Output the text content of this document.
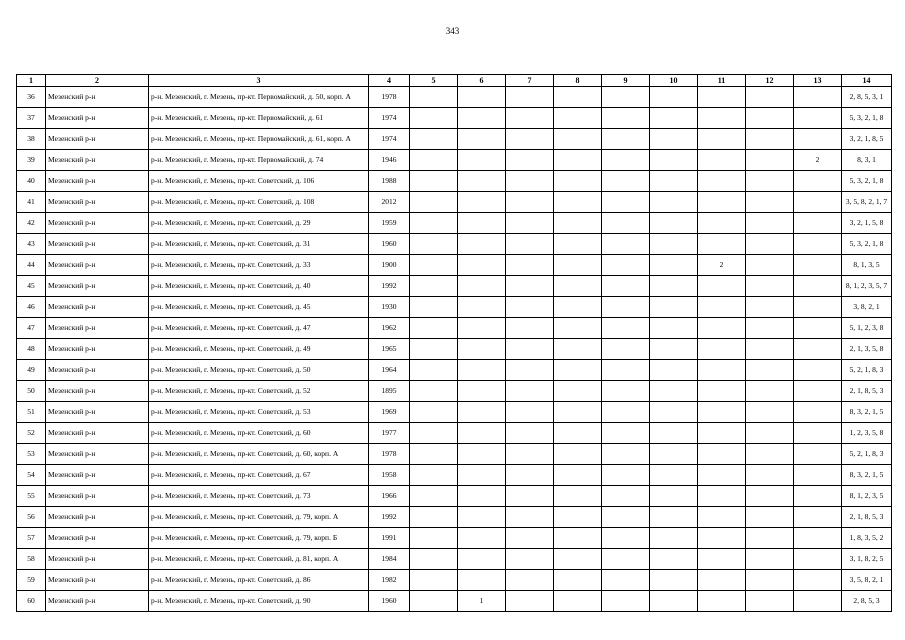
343
1	2	3	4	5	6	7	8	9	10	11	12	13	14
36	Мезенский р-н	р-н. Мезенский, г. Мезень, пр-кт. Первомайский, д. 50, корп. А	1978										2, 8, 5, 3, 1
37	Мезенский р-н	р-н. Мезенский, г. Мезень, пр-кт. Первомайский, д. 61	1974										5, 3, 2, 1, 8
38	Мезенский р-н	р-н. Мезенский, г. Мезень, пр-кт. Первомайский, д. 61, корп. А	1974										3, 2, 1, 8, 5
39	Мезенский р-н	р-н. Мезенский, г. Мезень, пр-кт. Первомайский, д. 74	1946									2	8, 3, 1
40	Мезенский р-н	р-н. Мезенский, г. Мезень, пр-кт. Советский, д. 106	1988										5, 3, 2, 1, 8
41	Мезенский р-н	р-н. Мезенский, г. Мезень, пр-кт. Советский, д. 108	2012										3, 5, 8, 2, 1, 7
42	Мезенский р-н	р-н. Мезенский, г. Мезень, пр-кт. Советский, д. 29	1959										3, 2, 1, 5, 8
43	Мезенский р-н	р-н. Мезенский, г. Мезень, пр-кт. Советский, д. 31	1960										5, 3, 2, 1, 8
44	Мезенский р-н	р-н. Мезенский, г. Мезень, пр-кт. Советский, д. 33	1900							2			8, 1, 3, 5
45	Мезенский р-н	р-н. Мезенский, г. Мезень, пр-кт. Советский, д. 40	1992										8, 1, 2, 3, 5, 7
46	Мезенский р-н	р-н. Мезенский, г. Мезень, пр-кт. Советский, д. 45	1930										3, 8, 2, 1
47	Мезенский р-н	р-н. Мезенский, г. Мезень, пр-кт. Советский, д. 47	1962										5, 1, 2, 3, 8
48	Мезенский р-н	р-н. Мезенский, г. Мезень, пр-кт. Советский, д. 49	1965										2, 1, 3, 5, 8
49	Мезенский р-н	р-н. Мезенский, г. Мезень, пр-кт. Советский, д. 50	1964										5, 2, 1, 8, 3
50	Мезенский р-н	р-н. Мезенский, г. Мезень, пр-кт. Советский, д. 52	1895										2, 1, 8, 5, 3
51	Мезенский р-н	р-н. Мезенский, г. Мезень, пр-кт. Советский, д. 53	1969										8, 3, 2, 1, 5
52	Мезенский р-н	р-н. Мезенский, г. Мезень, пр-кт. Советский, д. 60	1977										1, 2, 3, 5, 8
53	Мезенский р-н	р-н. Мезенский, г. Мезень, пр-кт. Советский, д. 60, корп. А	1978										5, 2, 1, 8, 3
54	Мезенский р-н	р-н. Мезенский, г. Мезень, пр-кт. Советский, д. 67	1958										8, 3, 2, 1, 5
55	Мезенский р-н	р-н. Мезенский, г. Мезень, пр-кт. Советский, д. 73	1966										8, 1, 2, 3, 5
56	Мезенский р-н	р-н. Мезенский, г. Мезень, пр-кт. Советский, д. 79, корп. А	1992										2, 1, 8, 5, 3
57	Мезенский р-н	р-н. Мезенский, г. Мезень, пр-кт. Советский, д. 79, корп. Б	1991										1, 8, 3, 5, 2
58	Мезенский р-н	р-н. Мезенский, г. Мезень, пр-кт. Советский, д. 81, корп. А	1984										3, 1, 8, 2, 5
59	Мезенский р-н	р-н. Мезенский, г. Мезень, пр-кт. Советский, д. 86	1982										3, 5, 8, 2, 1
60	Мезенский р-н	р-н. Мезенский, г. Мезень, пр-кт. Советский, д. 90	1960		1								2, 8, 5, 3
